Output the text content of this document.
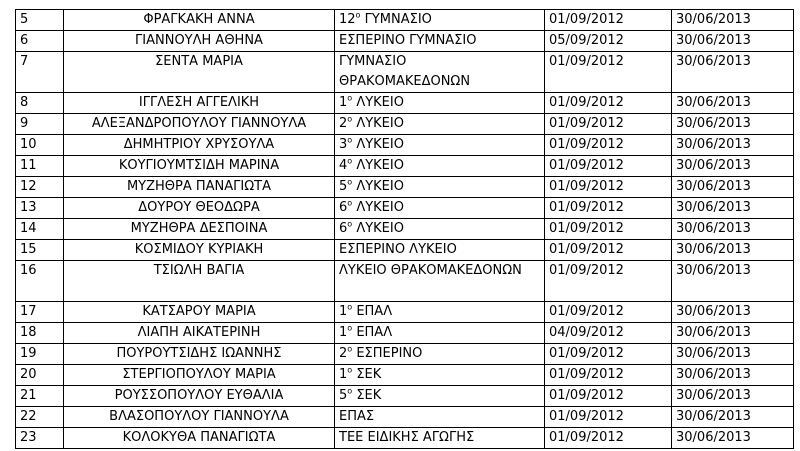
5	ΦΡΑΓΚΑΚΗ ΑΝΝΑ	$12^o$ ΓΥΜΝΑΣΙΟ	01/09/2012	30/06/2013
6	ΓΙΑΝΝΟΥΛΗ ΑΘΗΝΑ	ΕΣΠΕΡΙΝΟ ΓΥΜΝΑΣΙΟ	05/09/2012	30/06/2013
7	ΣΕΝΤΑ ΜΑΡΙΑ	ΓΥΜΝΑΣΙΟ ΘΡΑΚΟΜΑΚΕΔΟΝΩΝ	01/09/2012	30/06/2013
8	ΙΓΓΛΕΣΗ ΑΓΓΕΛΙΚΗ	$1^o$ ΛΥΚΕΙΟ	01/09/2012	30/06/2013
9	ΑΛΕΞΑΝΔΡΟΠΟΥΛΟΥ ΓΙΑΝΝΟΥΛΑ	$2^o$ ΛΥΚΕΙΟ	01/09/2012	30/06/2013
10	ΔΗΜΗΤΡΙΟΥ ΧΡΥΣΟΥΛΑ	$3^o$ ΛΥΚΕΙΟ	01/09/2012	30/06/2013
11	ΚΟΥΓΙΟΥΜΤΣΙΔΗ ΜΑΡΙΝΑ	$4^o$ ΛΥΚΕΙΟ	01/09/2012	30/06/2013
12	ΜΥΖΗΘΡΑ ΠΑΝΑΓΙΩΤΑ	$5^o$ ΛΥΚΕΙΟ	01/09/2012	30/06/2013
13	ΔΟΥΡΟΥ ΘΕΟΔΩΡΑ	$6^o$ ΛΥΚΕΙΟ	01/09/2012	30/06/2013
14	ΜΥΖΗΘΡΑ ΔΕΣΠΟΙΝΑ	$6^o$ ΛΥΚΕΙΟ	01/09/2012	30/06/2013
15	ΚΟΣΜΙΔΟΥ ΚΥΡΙΑΚΗ	ΕΣΠΕΡΙΝΟ ΛΥΚΕΙΟ	01/09/2012	30/06/2013
16	ΤΣΙΩΛΗ ΒΑΓΙΑ	ΛΥΚΕΙΟ ΘΡΑΚΟΜΑΚΕΔΟΝΩΝ	01/09/2012	30/06/2013
17	ΚΑΤΣΑΡΟΥ ΜΑΡΙΑ	$1^o$ ΕΠΑΛ	01/09/2012	30/06/2013
18	ΛΙΑΠΗ ΑΙΚΑΤΕΡΙΝΗ	$1^o$ ΕΠΑΛ	04/09/2012	30/06/2013
19	ΠΟΥΡΟΥΤΣΙΔΗΣ ΙΩΑΝΝΗΣ	$2^o$ ΕΣΠΕΡΙΝΟ	01/09/2012	30/06/2013
20	ΣΤΕΡΓΙΟΠΟΥΛΟΥ ΜΑΡΙΑ	$1^o$ ΣΕΚ	01/09/2012	30/06/2013
21	ΡΟΥΣΣΟΠΟΥΛΟΥ ΕΥΘΑΛΙΑ	$5^o$ ΣΕΚ	01/09/2012	30/06/2013
22	ΒΛΑΣΟΠΟΥΛΟΥ ΓΙΑΝΝΟΥΛΑ	ΕΠΑΣ	01/09/2012	30/06/2013
23	ΚΟΛΟΚΥΘΑ ΠΑΝΑΓΙΩΤΑ	ΤΕΕ ΕΙΔΙΚΗΣ ΑΓΩΓΗΣ	01/09/2012	30/06/2013
